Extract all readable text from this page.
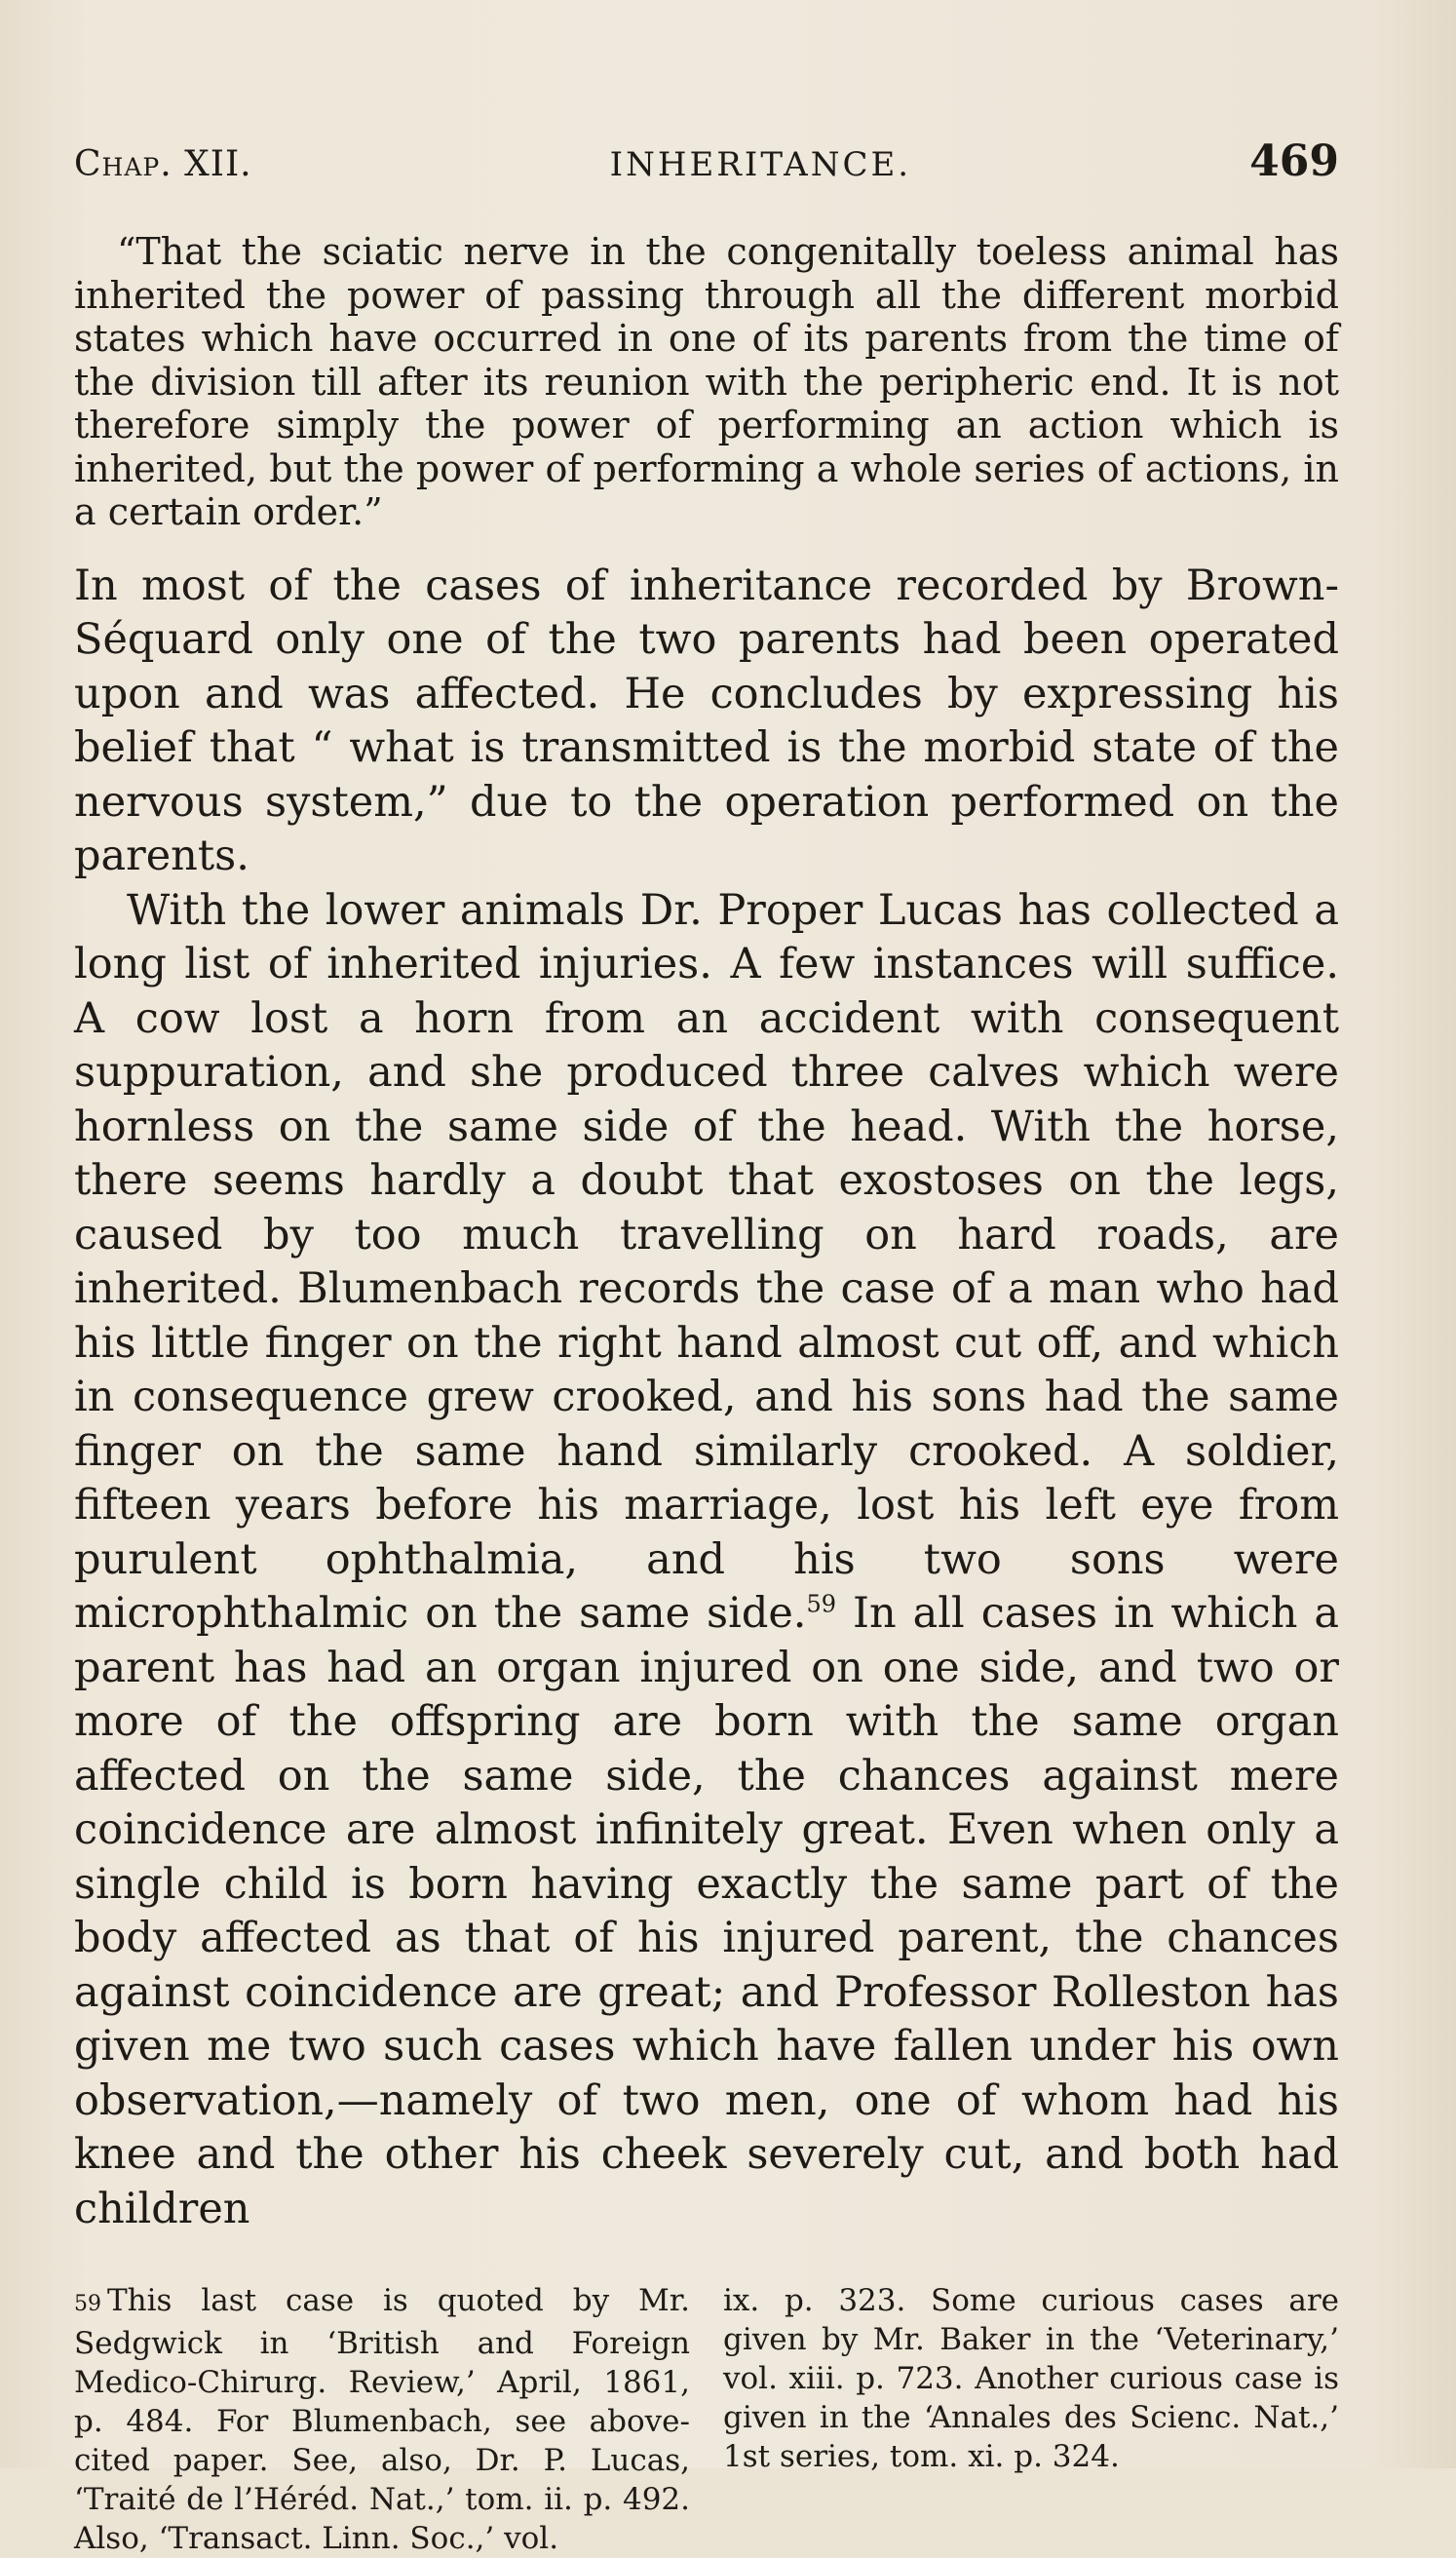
Chap. XII.	INHERITANCE.	469

“That the sciatic nerve in the congenitally toeless animal has inherited the power of passing through all the different morbid states which have occurred in one of its parents from the time of the division till after its reunion with the peripheric end. It is not therefore simply the power of performing an action which is inherited, but the power of performing a whole series of actions, in a certain order.”

In most of the cases of inheritance recorded by Brown-Séquard only one of the two parents had been operated upon and was affected. He concludes by expressing his belief that “ what is transmitted is the morbid state of the nervous system,” due to the operation performed on the parents.

With the lower animals Dr. Proper Lucas has collected a long list of inherited injuries. A few instances will suffice. A cow lost a horn from an accident with consequent suppuration, and she produced three calves which were hornless on the same side of the head. With the horse, there seems hardly a doubt that exostoses on the legs, caused by too much travelling on hard roads, are inherited. Blumenbach records the case of a man who had his little finger on the right hand almost cut off, and which in consequence grew crooked, and his sons had the same finger on the same hand similarly crooked. A soldier, fifteen years before his marriage, lost his left eye from purulent ophthalmia, and his two sons were microphthalmic on the same side.$^{59}$ In all cases in which a parent has had an organ injured on one side, and two or more of the offspring are born with the same organ affected on the same side, the chances against mere coincidence are almost infinitely great. Even when only a single child is born having exactly the same part of the body affected as that of his injured parent, the chances against coincidence are great; and Professor Rolleston has given me two such cases which have fallen under his own observation,—namely of two men, one of whom had his knee and the other his cheek severely cut, and both had children

59 This last case is quoted by Mr. Sedgwick in ‘British and Foreign Medico-Chirurg. Review,’ April, 1861, p. 484. For Blumenbach, see above-cited paper. See, also, Dr. P. Lucas, ‘Traité de l’Héréd. Nat.,’ tom. ii. p. 492. Also, ‘Transact. Linn. Soc.,’ vol.
ix. p. 323. Some curious cases are given by Mr. Baker in the ‘Veterinary,’ vol. xiii. p. 723. Another curious case is given in the ‘Annales des Scienc. Nat.,’ 1st series, tom. xi. p. 324.
